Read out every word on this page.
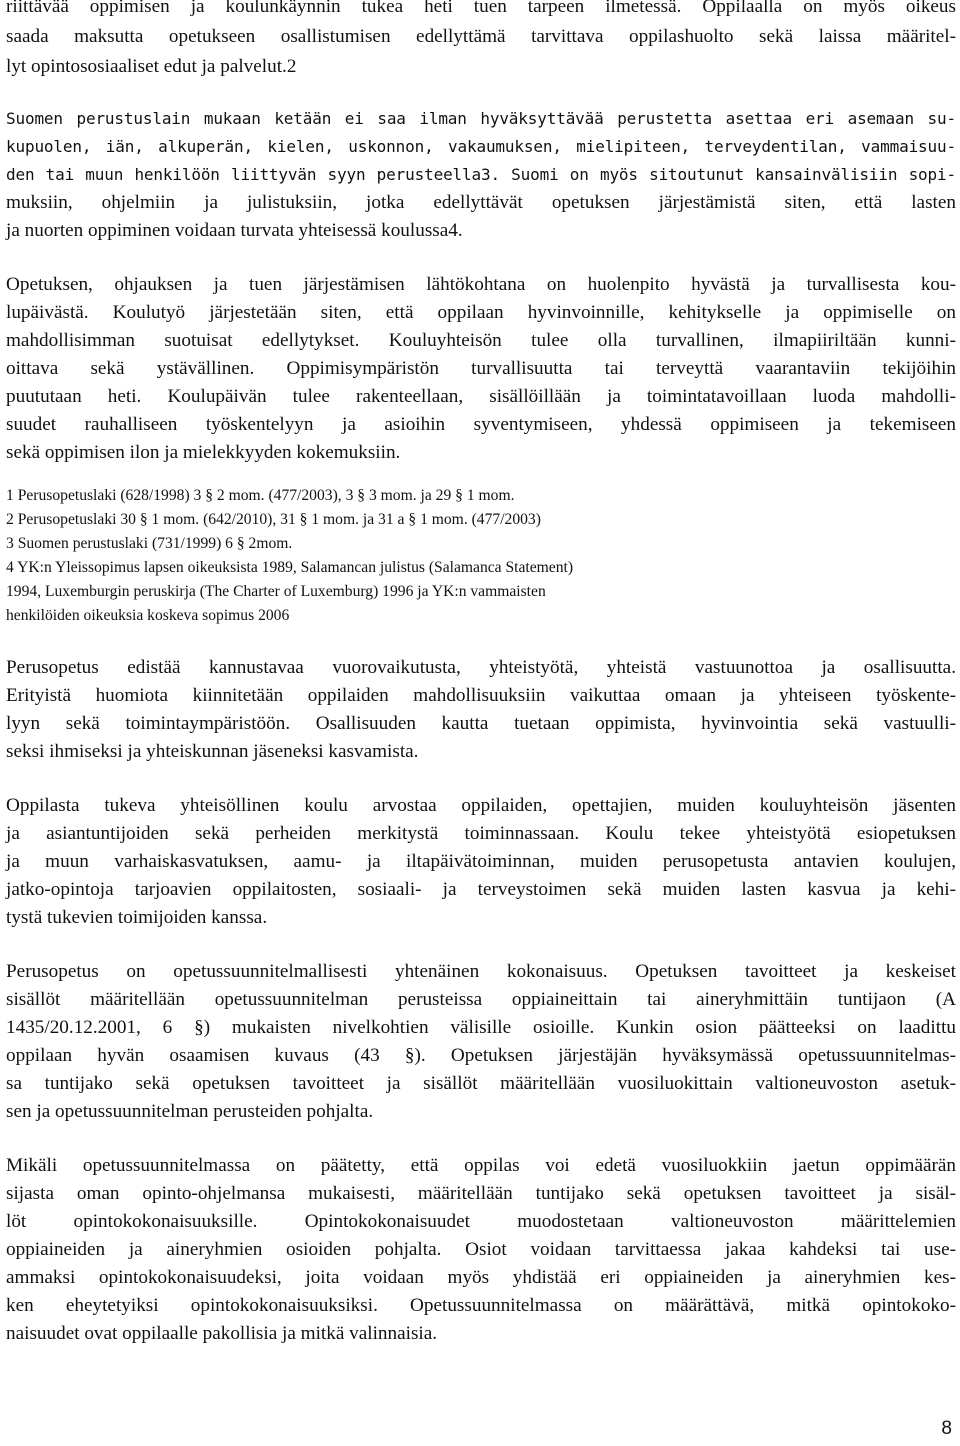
riittävää oppimisen ja koulunkäynnin tukea heti tuen tarpeen ilmetessä. Oppilaalla on myös oikeus
saada maksutta opetukseen osallistumisen edellyttämä tarvittava oppilashuolto sekä laissa määritel-
lyt opintososiaaliset edut ja palvelut.2
Suomen perustuslain mukaan ketään ei saa ilman hyväksyttävää perustetta asettaa eri asemaan su-
kupuolen, iän, alkuperän, kielen, uskonnon, vakaumuksen, mielipiteen, terveydentilan, vammaisuu-
den tai muun henkilöön liittyvän syyn perusteella3. Suomi on myös sitoutunut kansainvälisiin sopi-
muksiin, ohjelmiin ja julistuksiin, jotka edellyttävät opetuksen järjestämistä siten, että lasten
ja nuorten oppiminen voidaan turvata yhteisessä koulussa4.
Opetuksen, ohjauksen ja tuen järjestämisen lähtökohtana on huolenpito hyvästä ja turvallisesta kou-
lupäivästä. Koulutyö järjestetään siten, että oppilaan hyvinvoinnille, kehitykselle ja oppimiselle on
mahdollisimman suotuisat edellytykset. Kouluyhteisön tulee olla turvallinen, ilmapiiriltään kunni-
oittava sekä ystävällinen. Oppimisympäristön turvallisuutta tai terveyttä vaarantaviin tekijöihin
puututaan heti. Koulupäivän tulee rakenteellaan, sisällöillään ja toimintatavoillaan luoda mahdolli-
suudet rauhalliseen työskentelyyn ja asioihin syventymiseen, yhdessä oppimiseen ja tekemiseen
sekä oppimisen ilon ja mielekkyyden kokemuksiin.
1 Perusopetuslaki (628/1998) 3 § 2 mom. (477/2003), 3 § 3 mom. ja 29 § 1 mom.
2 Perusopetuslaki 30 § 1 mom. (642/2010), 31 § 1 mom. ja 31 a § 1 mom. (477/2003)
3 Suomen perustuslaki (731/1999) 6 § 2mom.
4 YK:n Yleissopimus lapsen oikeuksista 1989, Salamancan julistus (Salamanca Statement)
1994, Luxemburgin peruskirja (The Charter of Luxemburg) 1996 ja YK:n vammaisten
henkilöiden oikeuksia koskeva sopimus 2006
Perusopetus edistää kannustavaa vuorovaikutusta, yhteistyötä, yhteistä vastuunottoa ja osallisuutta.
Erityistä huomiota kiinnitetään oppilaiden mahdollisuuksiin vaikuttaa omaan ja yhteiseen työskente-
lyyn sekä toimintaympäristöön. Osallisuuden kautta tuetaan oppimista, hyvinvointia sekä vastuulli-
seksi ihmiseksi ja yhteiskunnan jäseneksi kasvamista.
Oppilasta tukeva yhteisöllinen koulu arvostaa oppilaiden, opettajien, muiden kouluyhteisön jäsenten
ja asiantuntijoiden sekä perheiden merkitystä toiminnassaan. Koulu tekee yhteistyötä esiopetuksen
ja muun varhaiskasvatuksen, aamu- ja iltapäivätoiminnan, muiden perusopetusta antavien koulujen,
jatko-opintoja tarjoavien oppilaitosten, sosiaali- ja terveystoimen sekä muiden lasten kasvua ja kehi-
tystä tukevien toimijoiden kanssa.
Perusopetus on opetussuunnitelmallisesti yhtenäinen kokonaisuus. Opetuksen tavoitteet ja keskeiset
sisällöt määritellään opetussuunnitelman perusteissa oppiaineittain tai aineryhmittäin tuntijaon (A
1435/20.12.2001, 6 §) mukaisten nivelkohtien välisille osioille. Kunkin osion päätteeksi on laadittu
oppilaan hyvän osaamisen kuvaus (43 §). Opetuksen järjestäjän hyväksymässä opetussuunnitelmas-
sa tuntijako sekä opetuksen tavoitteet ja sisällöt määritellään vuosiluokittain valtioneuvoston asetuk-
sen ja opetussuunnitelman perusteiden pohjalta.
Mikäli opetussuunnitelmassa on päätetty, että oppilas voi edetä vuosiluokkiin jaetun oppimäärän
sijasta oman opinto-ohjelmansa mukaisesti, määritellään tuntijako sekä opetuksen tavoitteet ja sisäl-
löt opintokokonaisuuksille. Opintokokonaisuudet muodostetaan valtioneuvoston määrittelemien
oppiaineiden ja aineryhmien osioiden pohjalta. Osiot voidaan tarvittaessa jakaa kahdeksi tai use-
ammaksi opintokokonaisuudeksi, joita voidaan myös yhdistää eri oppiaineiden ja aineryhmien kes-
ken eheytetyiksi opintokokonaisuuksiksi. Opetussuunnitelmassa on määrättävä, mitkä opintokoko-
naisuudet ovat oppilaalle pakollisia ja mitkä valinnaisia.
8
